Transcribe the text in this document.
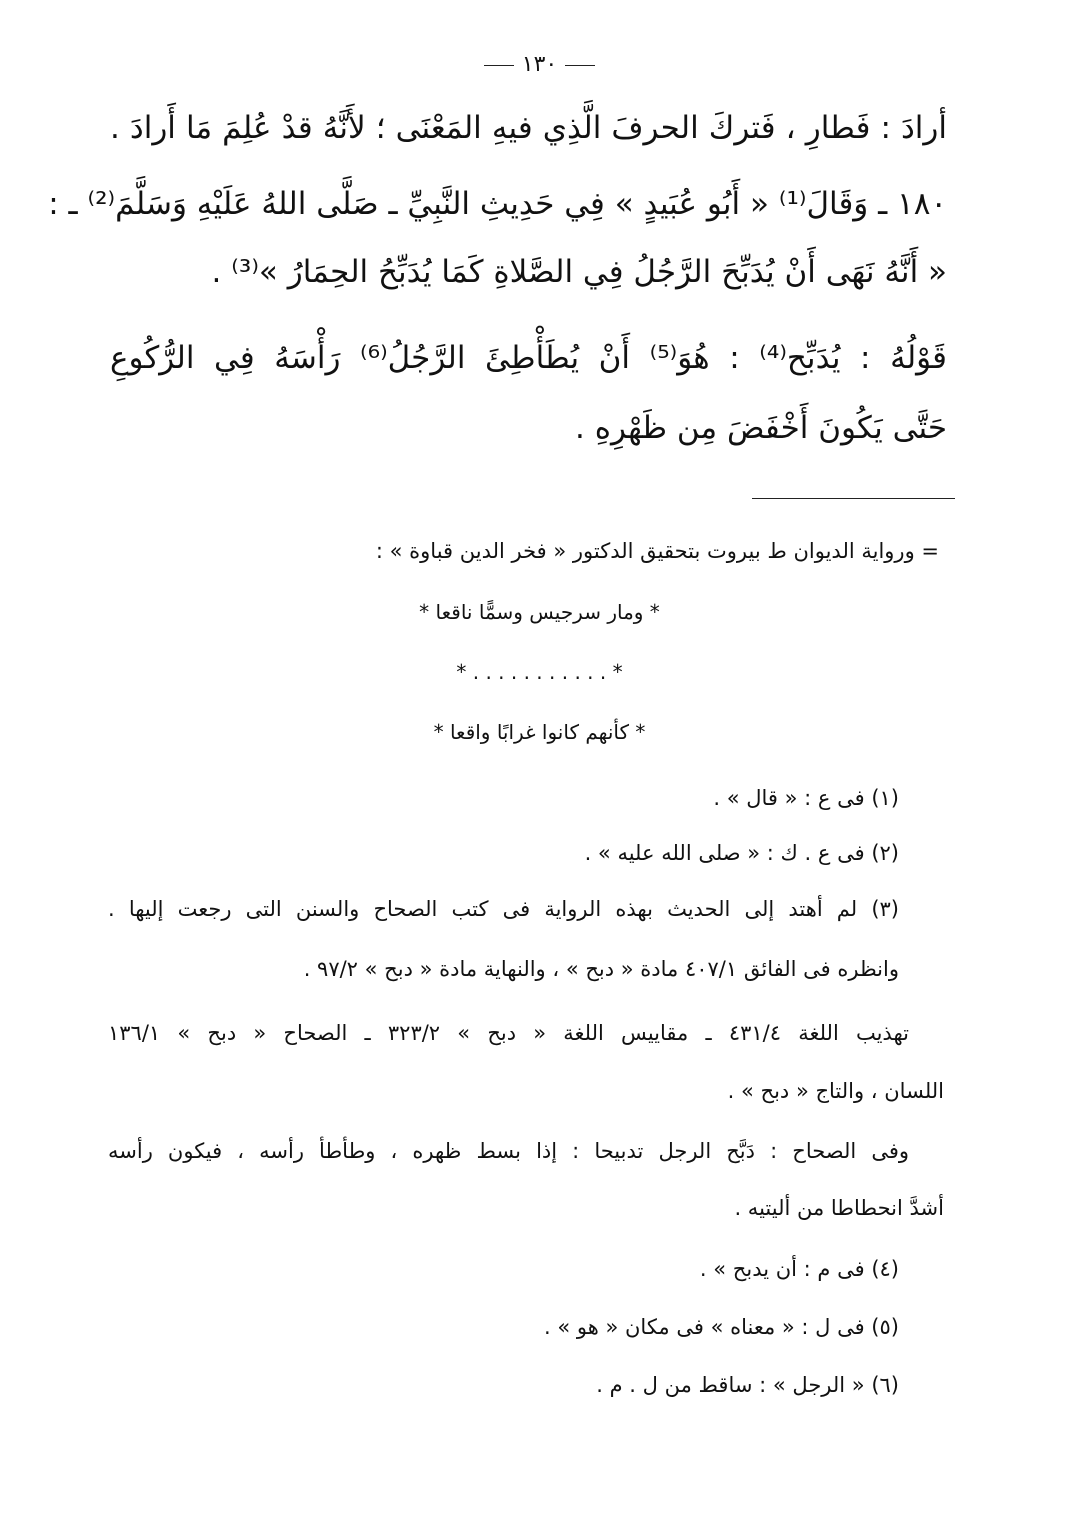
١٣٠
أرادَ : فَطارِ ، فَتركَ الحرفَ الَّذِي فيهِ المَعْنَى ؛ لأَنَّهُ قدْ عُلِمَ مَا أَرادَ .
١٨٠ ـ وَقَالَ⁽¹⁾ « أَبُو عُبَيدٍ » فِي حَدِيثِ النَّبِيِّ ـ صَلَّى اللهُ عَلَيْهِ وَسَلَّمَ⁽²⁾ ـ :
« أَنَّهُ نَهَى أَنْ يُدَبِّحَ الرَّجُلُ فِي الصَّلاةِ كَمَا يُدَبِّحُ الحِمَارُ »⁽³⁾ .
قَوْلُهُ : يُدَبِّح⁽⁴⁾ : هُوَ⁽⁵⁾ أَنْ يُطَأْطِئَ الرَّجُلُ⁽⁶⁾ رَأْسَهُ فِي الرُّكُوعِ
حَتَّى يَكُونَ أَخْفَضَ مِن ظَهْرِهِ .
= ورواية الديوان ط بيروت بتحقيق الدكتور « فخر الدين قباوة » :
* ومار سرجيس وسمًّا ناقعا *
* . . . . . . . . . . . *
* كأنهم كانوا غرابًا واقعا *
(١) فى ع : « قال » .
(٢) فى ع . ك : « صلى الله عليه » .
(٣) لم أهتد إلى الحديث بهذه الرواية فى كتب الصحاح والسنن التى رجعت إليها .
وانظره فى الفائق ٤٠٧/١ مادة « دبح » ، والنهاية مادة « دبح » ٩٧/٢ .
تهذيب اللغة ٤٣١/٤ ـ مقاييس اللغة « دبح » ٣٢٣/٢ ـ الصحاح « دبح » ١٣٦/١
اللسان ، والتاج « دبح » .
وفى الصحاح : دَبَّح الرجل تدبيحا : إذا بسط ظهره ، وطأطأ رأسه ، فيكون رأسه
أشدَّ انحطاطا من أليتيه .
(٤) فى م : أن يدبح » .
(٥) فى ل : « معناه » فى مكان « هو » .
(٦) « الرجل » : ساقط من ل . م .
